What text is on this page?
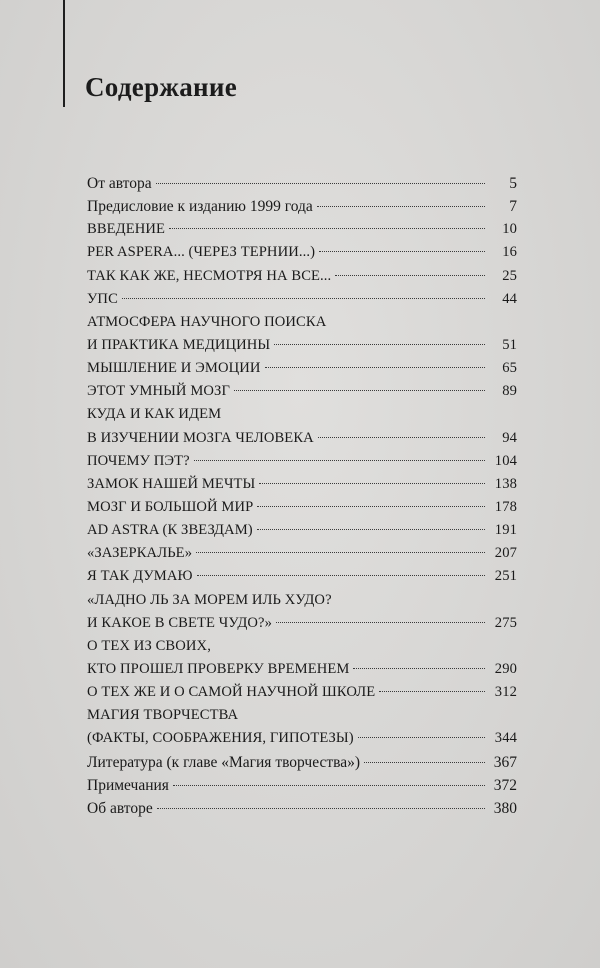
Содержание
От автора	5
Предисловие к изданию 1999 года	7
ВВЕДЕНИЕ	10
PER ASPERA... (ЧЕРЕЗ ТЕРНИИ...)	16
ТАК КАК ЖЕ, НЕСМОТРЯ НА ВСЕ...	25
УПС	44
АТМОСФЕРА НАУЧНОГО ПОИСКА
И ПРАКТИКА МЕДИЦИНЫ	51
МЫШЛЕНИЕ И ЭМОЦИИ	65
ЭТОТ УМНЫЙ МОЗГ	89
КУДА И КАК ИДЕМ
В ИЗУЧЕНИИ МОЗГА ЧЕЛОВЕКА	94
ПОЧЕМУ ПЭТ?	104
ЗАМОК НАШЕЙ МЕЧТЫ	138
МОЗГ И БОЛЬШОЙ МИР	178
AD ASTRA (К ЗВЕЗДАМ)	191
«ЗАЗЕРКАЛЬЕ»	207
Я ТАК ДУМАЮ	251
«ЛАДНО ЛЬ ЗА МОРЕМ ИЛЬ ХУДО?
И КАКОЕ В СВЕТЕ ЧУДО?»	275
О ТЕХ ИЗ СВОИХ,
КТО ПРОШЕЛ ПРОВЕРКУ ВРЕМЕНЕМ	290
О ТЕХ ЖЕ И О САМОЙ НАУЧНОЙ ШКОЛЕ	312
МАГИЯ ТВОРЧЕСТВА
(ФАКТЫ, СООБРАЖЕНИЯ, ГИПОТЕЗЫ)	344
Литература (к главе «Магия творчества»)	367
Примечания	372
Об авторе	380
